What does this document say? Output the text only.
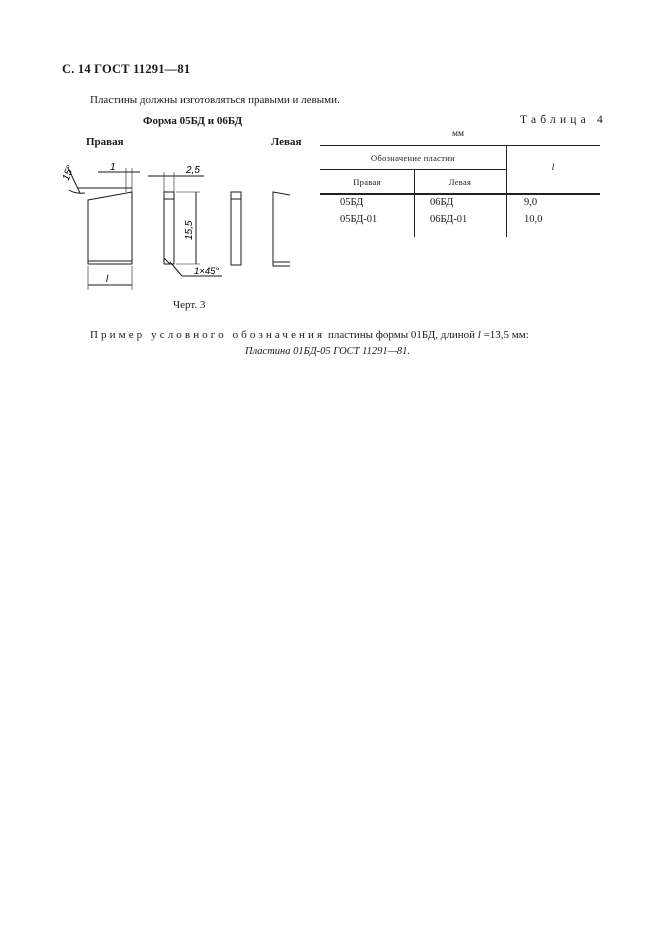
С. 14 ГОСТ 11291—81
Пластины должны изготовляться правыми и левыми.
Форма 05БД и 06БД
Правая	Левая
Таблица 4
мм
15°	1	2,5
15,5
l
1×45°
Черт. 3
Обозначение пластин
Правая	Левая
l
05БД	06БД	9,0
05БД-01	06БД-01	10,0
Пример условного обозначения пластины формы 01БД, длиной l =13,5 мм:
Пластина 01БД-05 ГОСТ 11291—81.
